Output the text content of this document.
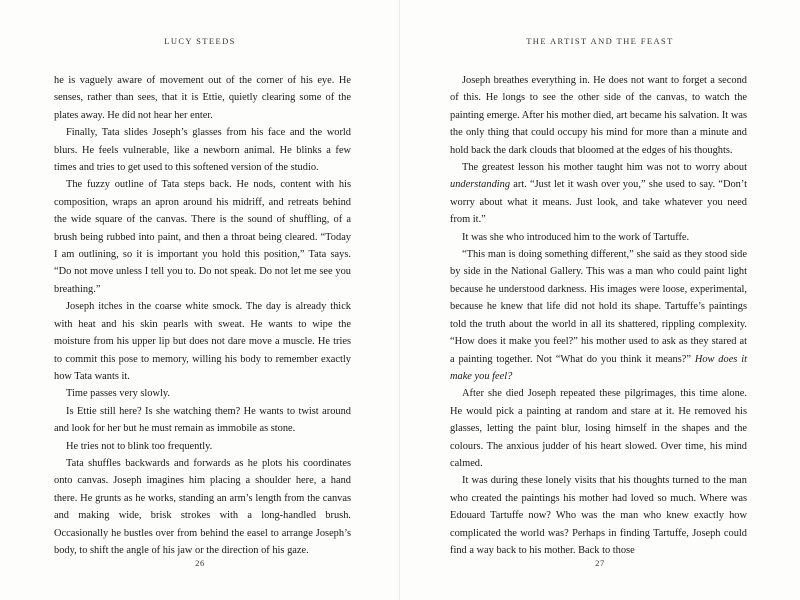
LUCY STEEDS

he is vaguely aware of movement out of the corner of his eye. He senses, rather than sees, that it is Ettie, quietly clearing some of the plates away. He did not hear her enter.

Finally, Tata slides Joseph’s glasses from his face and the world blurs. He feels vulnerable, like a newborn animal. He blinks a few times and tries to get used to this softened version of the studio.

The fuzzy outline of Tata steps back. He nods, content with his composition, wraps an apron around his midriff, and retreats behind the wide square of the canvas. There is the sound of shuffling, of a brush being rubbed into paint, and then a throat being cleared. “Today I am outlining, so it is important you hold this position,” Tata says. “Do not move unless I tell you to. Do not speak. Do not let me see you breathing.”

Joseph itches in the coarse white smock. The day is already thick with heat and his skin pearls with sweat. He wants to wipe the moisture from his upper lip but does not dare move a muscle. He tries to commit this pose to memory, willing his body to remember exactly how Tata wants it.

Time passes very slowly.

Is Ettie still here? Is she watching them? He wants to twist around and look for her but he must remain as immobile as stone.

He tries not to blink too frequently.

Tata shuffles backwards and forwards as he plots his coordinates onto canvas. Joseph imagines him placing a shoulder here, a hand there. He grunts as he works, standing an arm’s length from the canvas and making wide, brisk strokes with a long-handled brush. Occasionally he bustles over from behind the easel to arrange Joseph’s body, to shift the angle of his jaw or the direction of his gaze.

26
THE ARTIST AND THE FEAST

Joseph breathes everything in. He does not want to forget a second of this. He longs to see the other side of the canvas, to watch the painting emerge. After his mother died, art became his salvation. It was the only thing that could occupy his mind for more than a minute and hold back the dark clouds that bloomed at the edges of his thoughts.

The greatest lesson his mother taught him was not to worry about understanding art. “Just let it wash over you,” she used to say. “Don’t worry about what it means. Just look, and take whatever you need from it.”

It was she who introduced him to the work of Tartuffe.

“This man is doing something different,” she said as they stood side by side in the National Gallery. This was a man who could paint light because he understood darkness. His images were loose, experimental, because he knew that life did not hold its shape. Tartuffe’s paintings told the truth about the world in all its shattered, rippling complexity. “How does it make you feel?” his mother used to ask as they stared at a painting together. Not “What do you think it means?” How does it make you feel?

After she died Joseph repeated these pilgrimages, this time alone. He would pick a painting at random and stare at it. He removed his glasses, letting the paint blur, losing himself in the shapes and the colours. The anxious judder of his heart slowed. Over time, his mind calmed.

It was during these lonely visits that his thoughts turned to the man who created the paintings his mother had loved so much. Where was Edouard Tartuffe now? Who was the man who knew exactly how complicated the world was? Perhaps in finding Tartuffe, Joseph could find a way back to his mother. Back to those

27
